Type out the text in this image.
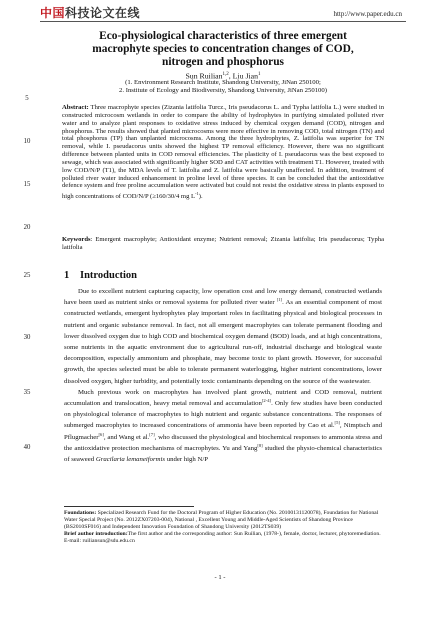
中国科技论文在线	http://www.paper.edu.cn
Eco-physiological characteristics of three emergent
macrophyte species to concentration changes of COD,
nitrogen and phosphorus
Sun Ruilian$^{1,2}$, Liu Jian$^1$
(1. Environment Research Institute, Shandong University, JiNan 250100;
2. Institute of Ecology and Biodiversity, Shandong University, JiNan 250100)
Abstract: Three macrophyte species (Zizania latifolia Turcz., Iris pseudacorus L. and Typha latifolia L.) were studied in constructed microcosm wetlands in order to compare the ability of hydrophytes in purifying simulated polluted river water and to analyze plant responses to oxidative stress induced by chemical oxygen demand (COD), nitrogen and phosphorus. The results showed that planted microcosms were more effective in removing COD, total nitrogen (TN) and total phosphorus (TP) than unplanted microcosms. Among the three hydrophytes, Z. latifolia was superior for TN removal, while I. pseudacorus units showed the highest TP removal efficiency. However, there was no significant difference between planted units in COD removal efficiencies. The plasticity of I. pseudacorus was the best exposed to sewage, which was associated with significantly higher SOD and CAT activities with treatment T1. However, treated with low COD/N/P (T1), the MDA levels of T. latifolia and Z. latifolia were basically unaffected. In addition, treatment of polluted river water induced enhancement in proline level of three species. It can be concluded that the antioxidative defence system and free proline accumulation were activated but could not resist the oxidative stress in plants exposed to high concentrations of COD/N/P (≥160/30/4 mg $L^{-1}$).
Keywords: Emergent macrophyte; Antioxidant enzyme; Nutrient removal; Zizania latifolia; Iris pseudacorus; Typha latifolia
5
10
15
20
25
30
35
40
1 Introduction

Due to excellent nutrient capturing capacity, low operation cost and low energy demand, constructed wetlands have been used as nutrient sinks or removal systems for polluted river water [1]. As an essential component of most constructed wetlands, emergent hydrophytes play important roles in facilitating physical and biological processes in nutrient and organic substance removal. In fact, not all emergent macrophytes can tolerate permanent flooding and lower dissolved oxygen due to high COD and biochemical oxygen demand (BOD) loads, and at high concentrations, some nutrients in the aquatic environment due to agricultural run-off, industrial discharge and biological waste decomposition, especially ammonium and phosphate, may become toxic to plant growth. However, for successful growth, the species selected must be able to tolerate permanent waterlogging, higher nutrient concentrations, lower dissolved oxygen, higher turbidity, and potentially toxic contaminants depending on the source of the wastewater.

Much previous work on macrophytes has involved plant growth, nutrient and COD removal, nutrient accumulation and translocation, heavy metal removal and accumulation[2-4]. Only few studies have been conducted on physiological tolerance of macrophytes to high nutrient and organic substance concentrations. The responses of submerged macrophytes to increased concentrations of ammonia have been reported by Cao et al.[5], Nimptsch and Pflugmacher[6], and Wang et al.[7], who discussed the physiological and biochemical responses to ammonia stress and the antioxidative protection mechanisms of macrophytes. Yu and Yang[8] studied the physio-chemical characteristics of seaweed Gracilaria lemaneiformis under high N/P

Foundations: Specialized Research Fund for the Doctoral Program of Higher Education (No. 20100131120078), Foundation for National Water Special Project (No. 2012ZX07203-004), National , Excellent Young and Middle-Aged Scientists of Shandong Province (BS2010SF016) and Independent Innovation Foundation of Shandong University (2012TS039)
Brief author introduction:The first author and the corresponding author: Sun Ruilian, (1978-), female, doctor, lecturer, phytoremediation. E-mail: ruiliansun@sdu.edu.cn
- 1 -
